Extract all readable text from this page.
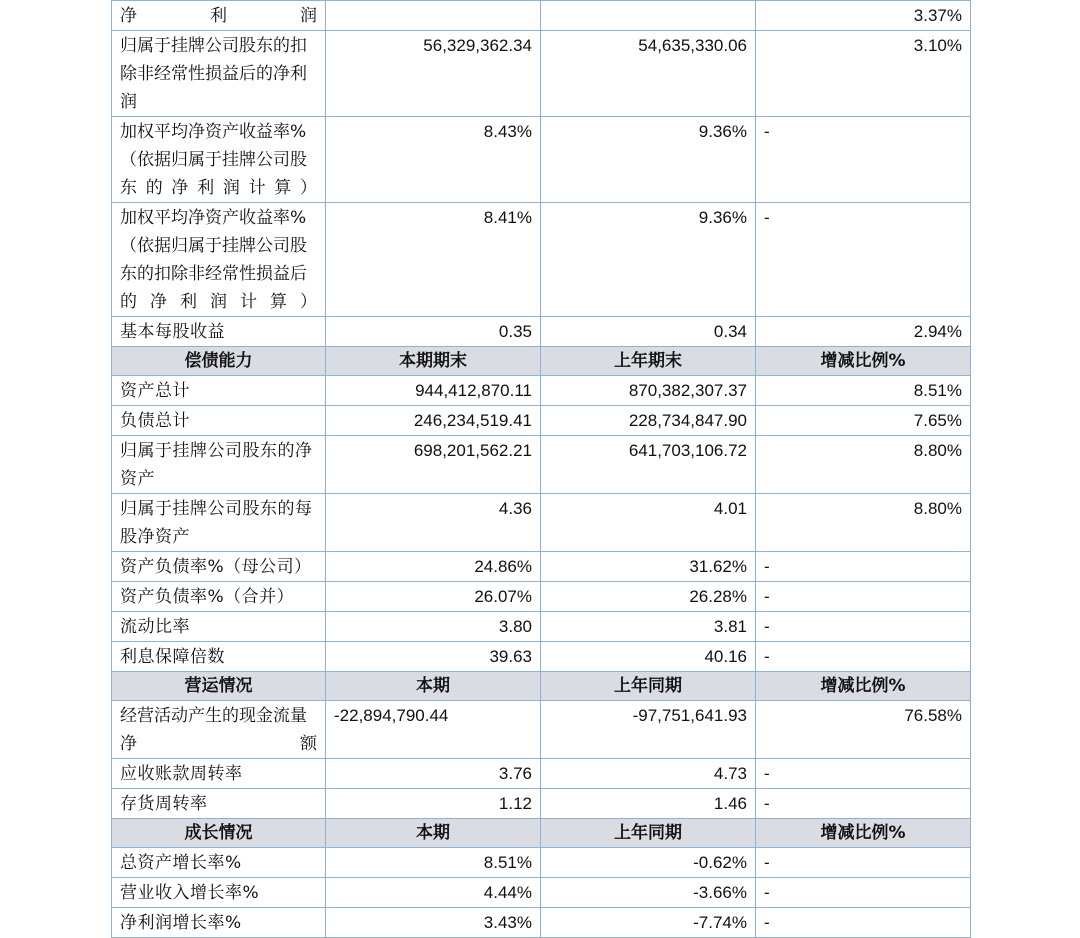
净利润			3.37%
归属于挂牌公司股东的扣除非经常性损益后的净利润	56,329,362.34	54,635,330.06	3.10%
加权平均净资产收益率%（依据归属于挂牌公司股东的净利润计算）	8.43%	9.36%	-
加权平均净资产收益率%（依据归属于挂牌公司股东的扣除非经常性损益后的净利润计算）	8.41%	9.36%	-
基本每股收益	0.35	0.34	2.94%
偿债能力	本期期末	上年期末	增减比例%
资产总计	944,412,870.11	870,382,307.37	8.51%
负债总计	246,234,519.41	228,734,847.90	7.65%
归属于挂牌公司股东的净资产	698,201,562.21	641,703,106.72	8.80%
归属于挂牌公司股东的每股净资产	4.36	4.01	8.80%
资产负债率%（母公司）	24.86%	31.62%	-
资产负债率%（合并）	26.07%	26.28%	-
流动比率	3.80	3.81	-
利息保障倍数	39.63	40.16	-
营运情况	本期	上年同期	增减比例%
经营活动产生的现金流量净额	-22,894,790.44	-97,751,641.93	76.58%
应收账款周转率	3.76	4.73	-
存货周转率	1.12	1.46	-
成长情况	本期	上年同期	增减比例%
总资产增长率%	8.51%	-0.62%	-
营业收入增长率%	4.44%	-3.66%	-
净利润增长率%	3.43%	-7.74%	-
